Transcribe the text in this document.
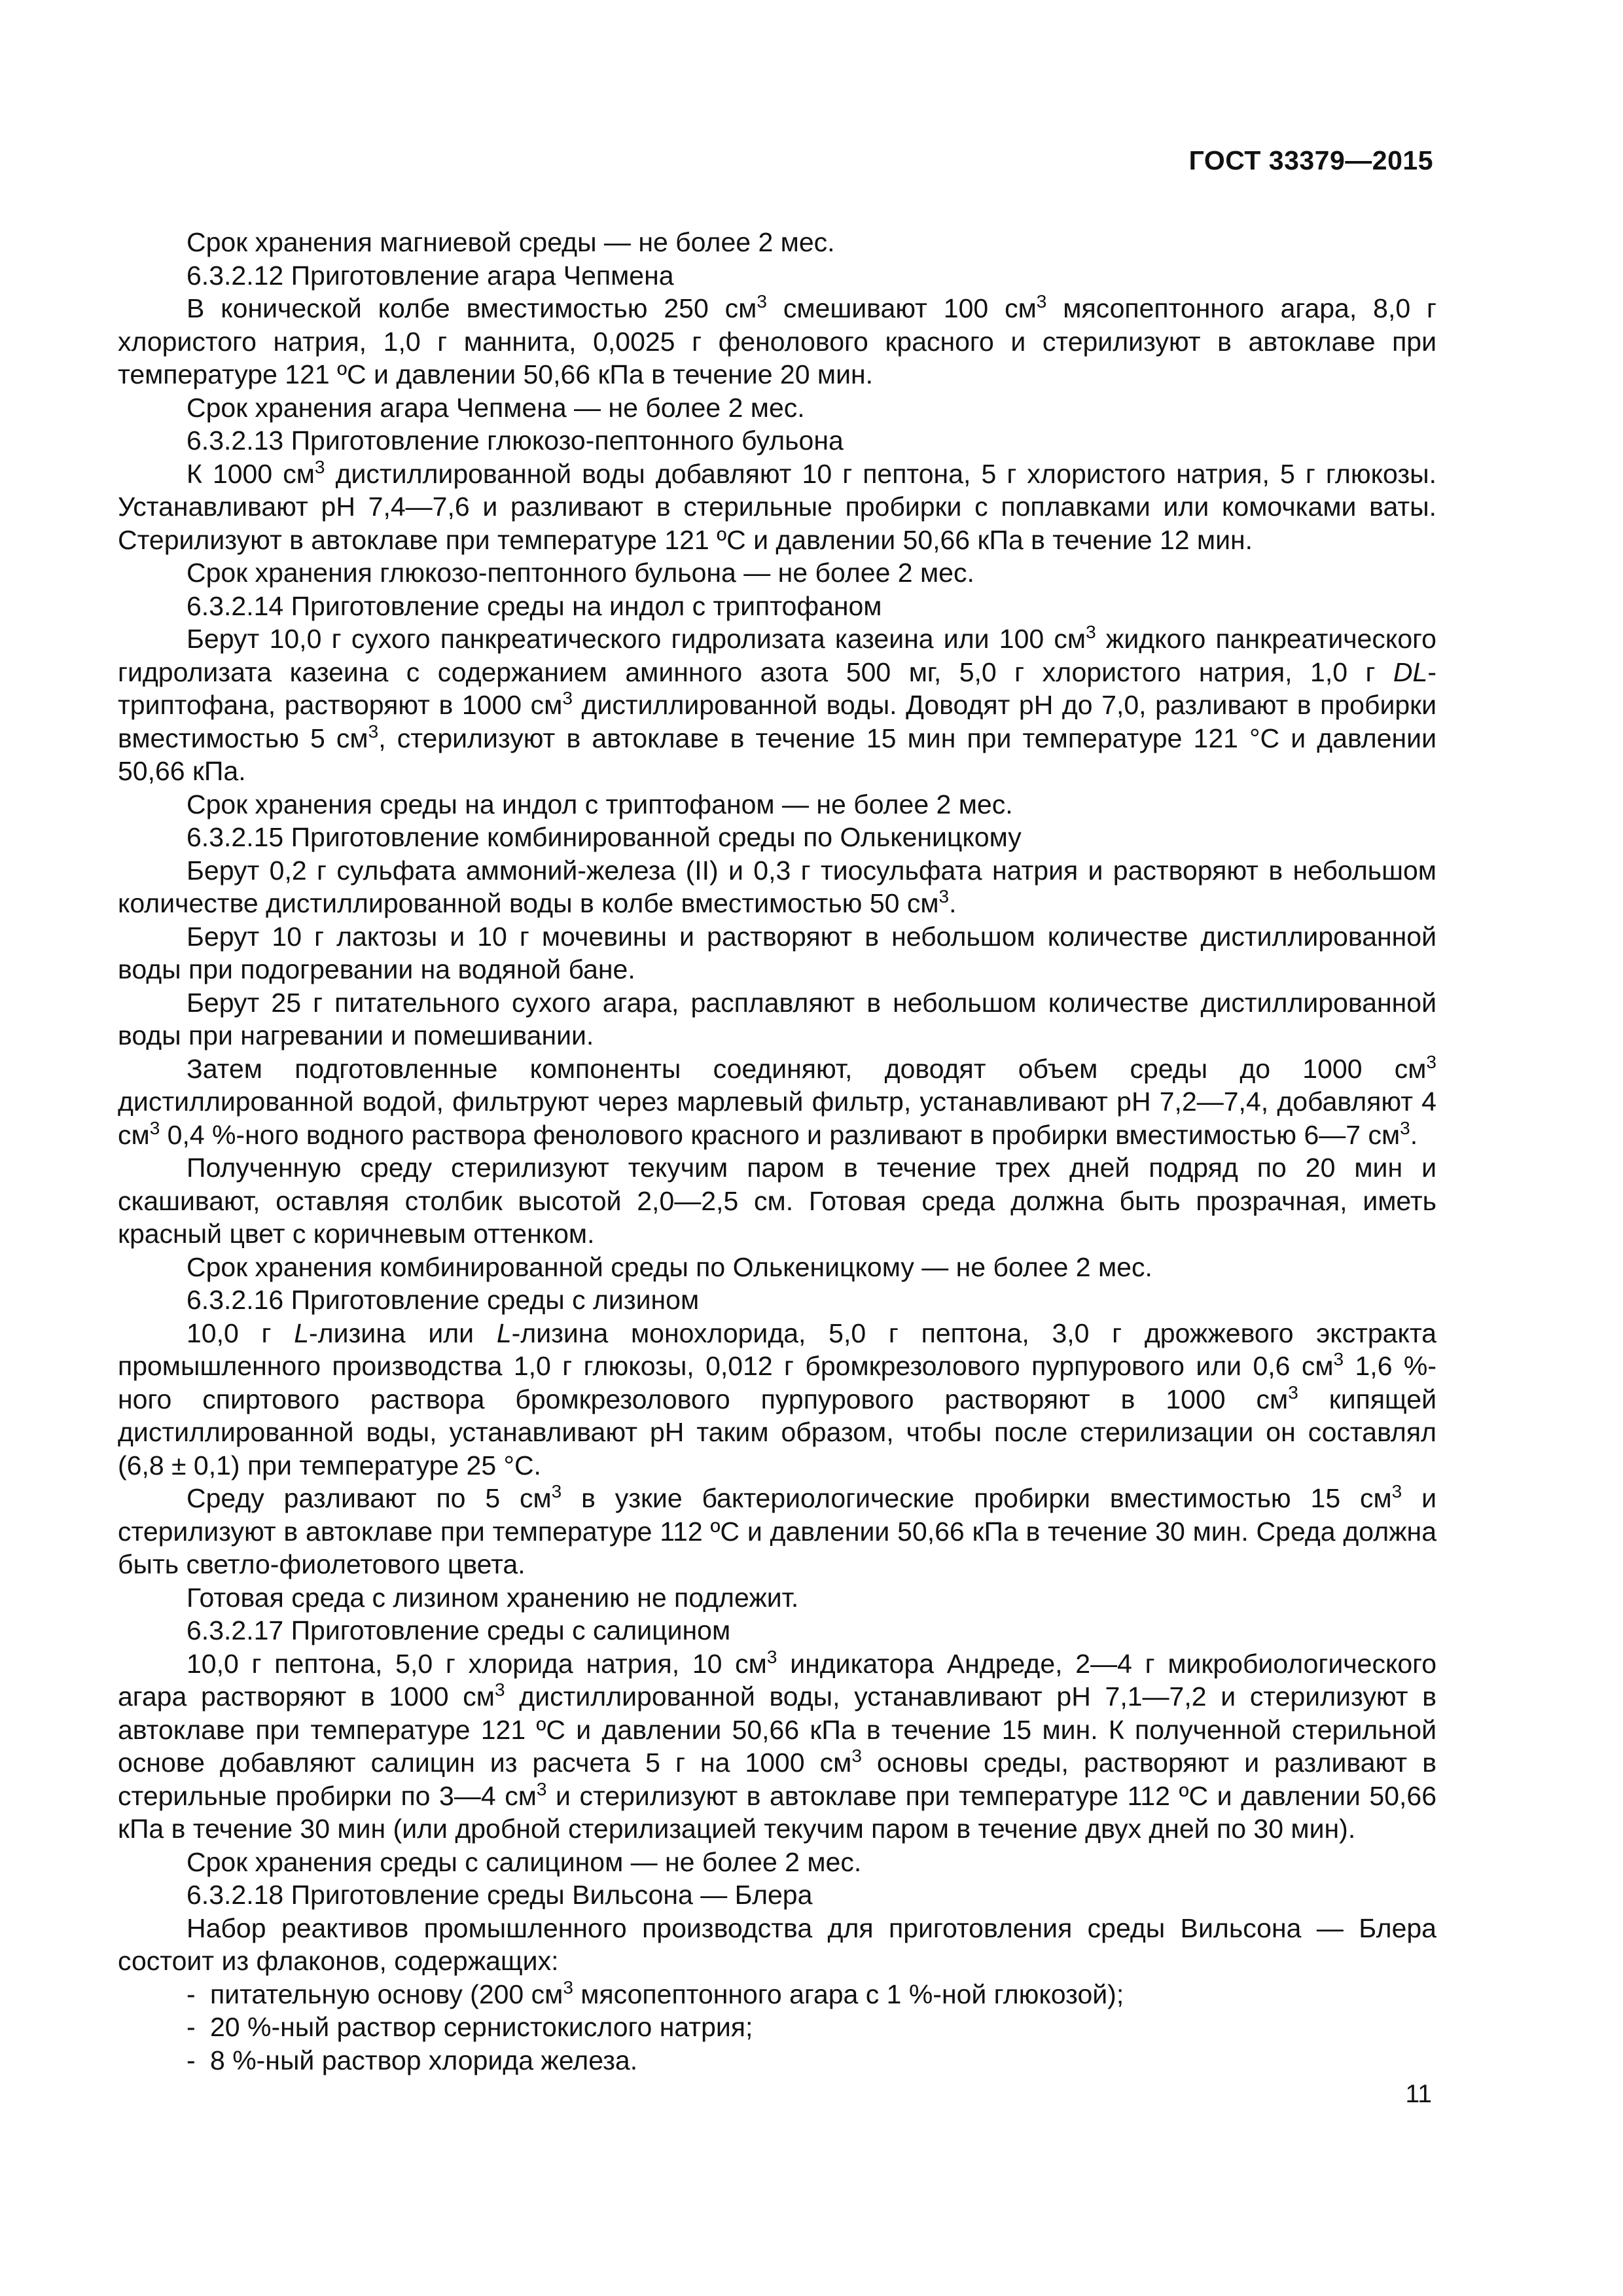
ГОСТ 33379—2015

Срок хранения магниевой среды — не более 2 мес.

6.3.2.12 Приготовление агара Чепмена

В конической колбе вместимостью 250 $см^3$ смешивают 100 $см^3$ мясопептонного агара, 8,0 г хлористого натрия, 1,0 г маннита, 0,0025 г фенолового красного и стерилизуют в автоклаве при температуре 121 ºС и давлении 50,66 кПа в течение 20 мин.

Срок хранения агара Чепмена — не более 2 мес.

6.3.2.13 Приготовление глюкозо-пептонного бульона

К 1000 $см^3$ дистиллированной воды добавляют 10 г пептона, 5 г хлористого натрия, 5 г глюкозы. Устанавливают pH 7,4—7,6 и разливают в стерильные пробирки с поплавками или комочками ваты. Стерилизуют в автоклаве при температуре 121 ºС и давлении 50,66 кПа в течение 12 мин.

Срок хранения глюкозо-пептонного бульона — не более 2 мес.

6.3.2.14 Приготовление среды на индол с триптофаном

Берут 10,0 г сухого панкреатического гидролизата казеина или 100 $см^3$ жидкого панкреатического гидролизата казеина с содержанием аминного азота 500 мг, 5,0 г хлористого натрия, 1,0 г DL-триптофана, растворяют в 1000 $см^3$ дистиллированной воды. Доводят pH до 7,0, разливают в пробирки вместимостью 5 $см^3$, стерилизуют в автоклаве в течение 15 мин при температуре 121 °С и давлении 50,66 кПа.

Срок хранения среды на индол с триптофаном — не более 2 мес.

6.3.2.15 Приготовление комбинированной среды по Олькеницкому

Берут 0,2 г сульфата аммоний-железа (II) и 0,3 г тиосульфата натрия и растворяют в небольшом количестве дистиллированной воды в колбе вместимостью 50 $см^3$.

Берут 10 г лактозы и 10 г мочевины и растворяют в небольшом количестве дистиллированной воды при подогревании на водяной бане.

Берут 25 г питательного сухого агара, расплавляют в небольшом количестве дистиллированной воды при нагревании и помешивании.

Затем подготовленные компоненты соединяют, доводят объем среды до 1000 $см^3$ дистиллированной водой, фильтруют через марлевый фильтр, устанавливают pH 7,2—7,4, добавляют 4 $см^3$ 0,4 %-ного водного раствора фенолового красного и разливают в пробирки вместимостью 6—7 $см^3$.

Полученную среду стерилизуют текучим паром в течение трех дней подряд по 20 мин и скашивают, оставляя столбик высотой 2,0—2,5 см. Готовая среда должна быть прозрачная, иметь красный цвет с коричневым оттенком.

Срок хранения комбинированной среды по Олькеницкому — не более 2 мес.

6.3.2.16 Приготовление среды с лизином

10,0 г L-лизина или L-лизина монохлорида, 5,0 г пептона, 3,0 г дрожжевого экстракта промышленного производства 1,0 г глюкозы, 0,012 г бромкрезолового пурпурового или 0,6 $см^3$ 1,6 %-ного спиртового раствора бромкрезолового пурпурового растворяют в 1000 $см^3$ кипящей дистиллированной воды, устанавливают pH таким образом, чтобы после стерилизации он составлял (6,8 ± 0,1) при температуре 25 °С.

Среду разливают по 5 $см^3$ в узкие бактериологические пробирки вместимостью 15 $см^3$ и стерилизуют в автоклаве при температуре 112 ºС и давлении 50,66 кПа в течение 30 мин. Среда должна быть светло-фиолетового цвета.

Готовая среда с лизином хранению не подлежит.

6.3.2.17 Приготовление среды с салицином

10,0 г пептона, 5,0 г хлорида натрия, 10 $см^3$ индикатора Андреде, 2—4 г микробиологического агара растворяют в 1000 $см^3$ дистиллированной воды, устанавливают pH 7,1—7,2 и стерилизуют в автоклаве при температуре 121 ºС и давлении 50,66 кПа в течение 15 мин. К полученной стерильной основе добавляют салицин из расчета 5 г на 1000 $см^3$ основы среды, растворяют и разливают в стерильные пробирки по 3—4 $см^3$ и стерилизуют в автоклаве при температуре 112 ºС и давлении 50,66 кПа в течение 30 мин (или дробной стерилизацией текучим паром в течение двух дней по 30 мин).

Срок хранения среды с салицином — не более 2 мес.

6.3.2.18 Приготовление среды Вильсона — Блера

Набор реактивов промышленного производства для приготовления среды Вильсона — Блера состоит из флаконов, содержащих:

- питательную основу (200 $см^3$ мясопептонного агара с 1 %-ной глюкозой);
- 20 %-ный раствор сернистокислого натрия;
- 8 %-ный раствор хлорида железа.
11
